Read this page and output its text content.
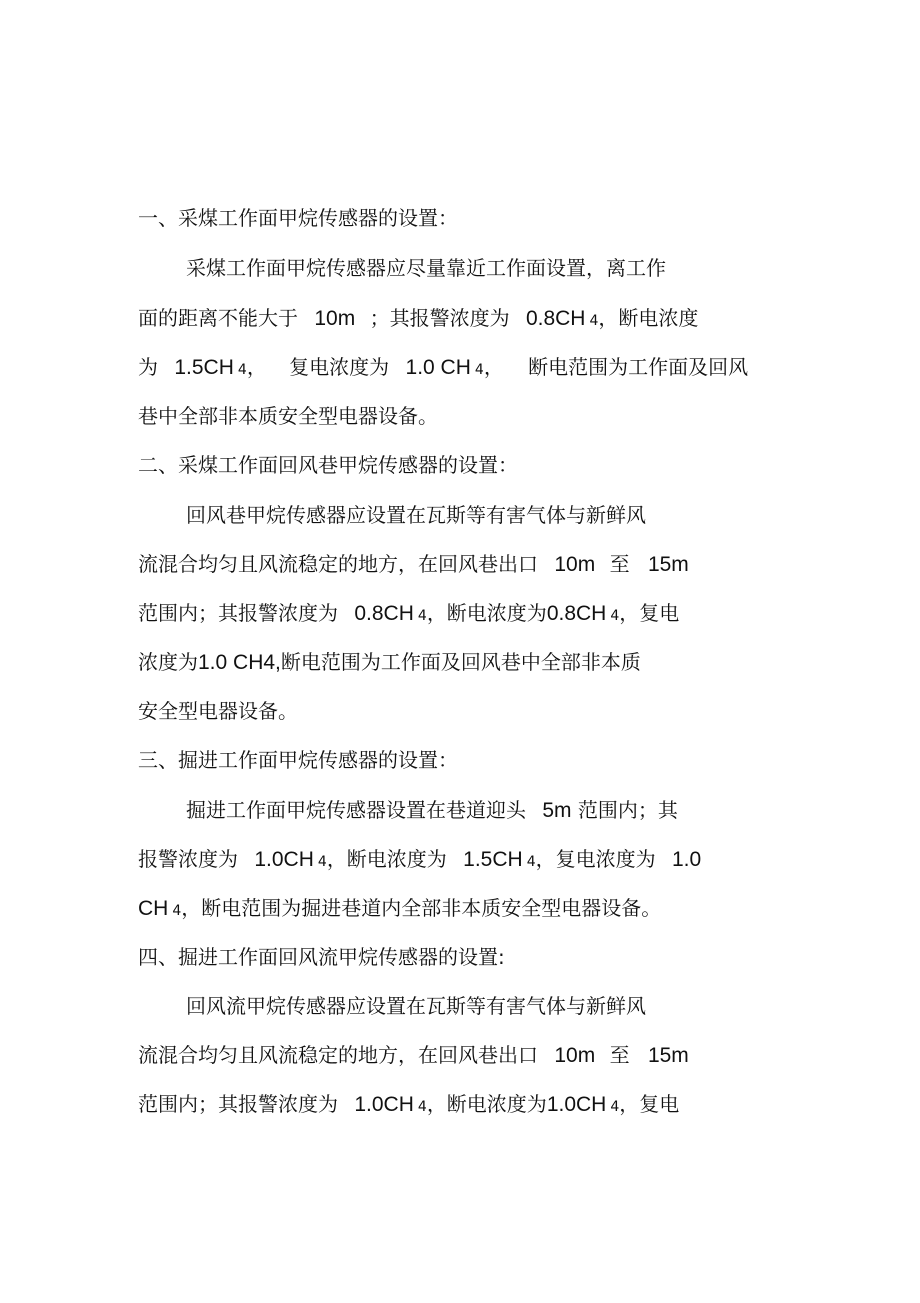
一、采煤工作面甲烷传感器的设置：
采煤工作面甲烷传感器应尽量靠近工作面设置，离工作
面的距离不能大于 10m ；其报警浓度为 0.8CH 4，断电浓度
为 1.5CH 4， 复电浓度为 1.0 CH 4， 断电范围为工作面及回风
巷中全部非本质安全型电器设备。
二、采煤工作面回风巷甲烷传感器的设置：
回风巷甲烷传感器应设置在瓦斯等有害气体与新鲜风
流混合均匀且风流稳定的地方，在回风巷出口 10m 至 15m
范围内；其报警浓度为 0.8CH 4，断电浓度为0.8CH 4，复电
浓度为1.0 CH4,断电范围为工作面及回风巷中全部非本质
安全型电器设备。
三、掘进工作面甲烷传感器的设置：
掘进工作面甲烷传感器设置在巷道迎头 5m 范围内；其
报警浓度为 1.0CH 4，断电浓度为 1.5CH 4，复电浓度为 1.0
CH 4，断电范围为掘进巷道内全部非本质安全型电器设备。
四、掘进工作面回风流甲烷传感器的设置:
回风流甲烷传感器应设置在瓦斯等有害气体与新鲜风
流混合均匀且风流稳定的地方，在回风巷出口 10m 至 15m
范围内；其报警浓度为 1.0CH 4，断电浓度为1.0CH 4，复电
